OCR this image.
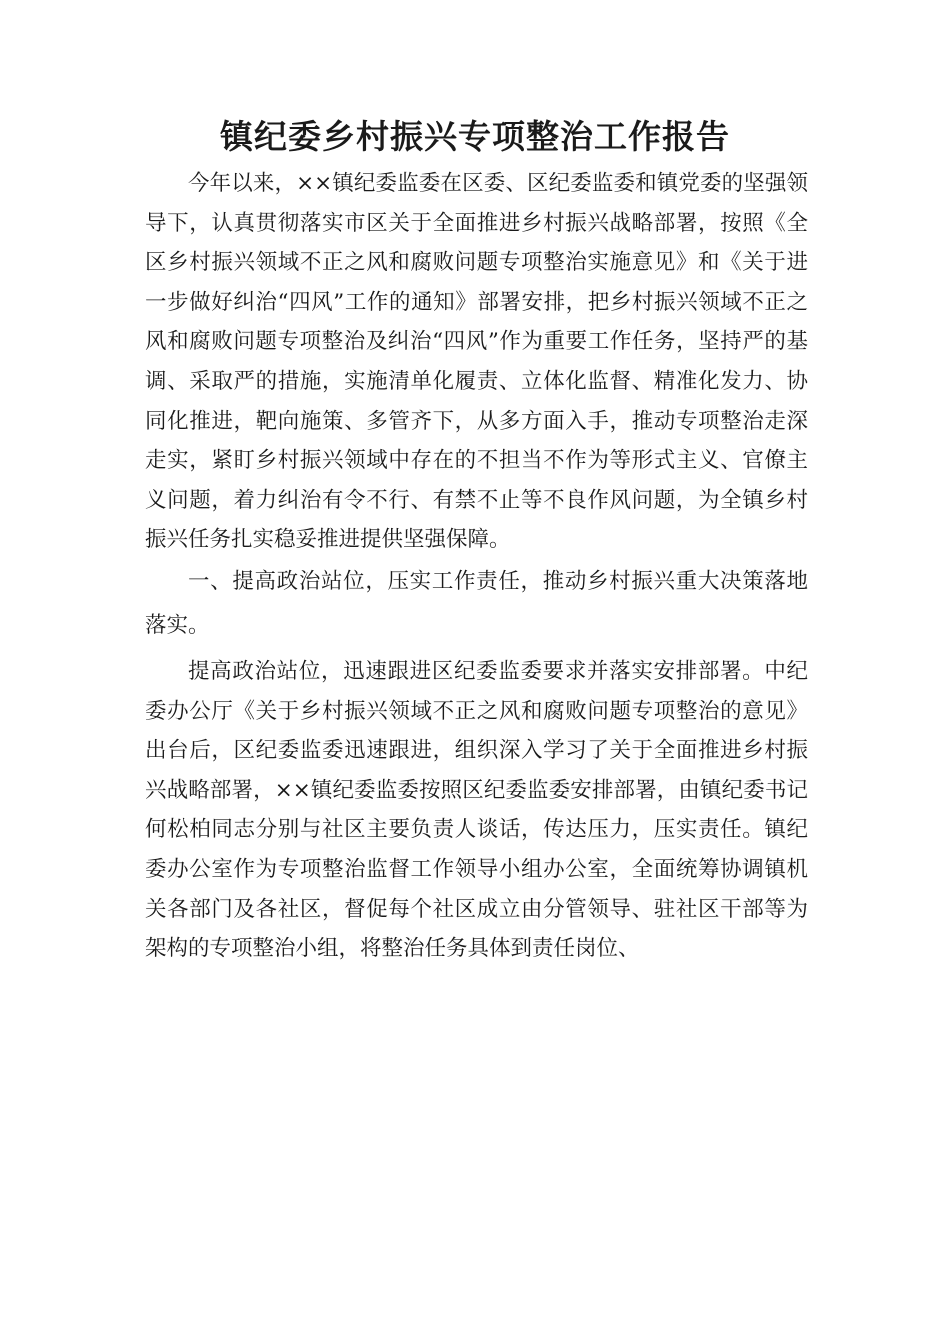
镇纪委乡村振兴专项整治工作报告

今年以来，××镇纪委监委在区委、区纪委监委和镇党委的坚强领导下，认真贯彻落实市区关于全面推进乡村振兴战略部署，按照《全区乡村振兴领域不正之风和腐败问题专项整治实施意见》和《关于进一步做好纠治“四风”工作的通知》部署安排，把乡村振兴领域不正之风和腐败问题专项整治及纠治“四风”作为重要工作任务，坚持严的基调、采取严的措施，实施清单化履责、立体化监督、精准化发力、协同化推进，靶向施策、多管齐下，从多方面入手，推动专项整治走深走实，紧盯乡村振兴领域中存在的不担当不作为等形式主义、官僚主义问题，着力纠治有令不行、有禁不止等不良作风问题，为全镇乡村振兴任务扎实稳妥推进提供坚强保障。

一、提高政治站位，压实工作责任，推动乡村振兴重大决策落地落实。

提高政治站位，迅速跟进区纪委监委要求并落实安排部署。中纪委办公厅《关于乡村振兴领域不正之风和腐败问题专项整治的意见》出台后，区纪委监委迅速跟进，组织深入学习了关于全面推进乡村振兴战略部署，××镇纪委监委按照区纪委监委安排部署，由镇纪委书记何松柏同志分别与社区主要负责人谈话，传达压力，压实责任。镇纪委办公室作为专项整治监督工作领导小组办公室，全面统筹协调镇机关各部门及各社区，督促每个社区成立由分管领导、驻社区干部等为架构的专项整治小组，将整治任务具体到责任岗位、
